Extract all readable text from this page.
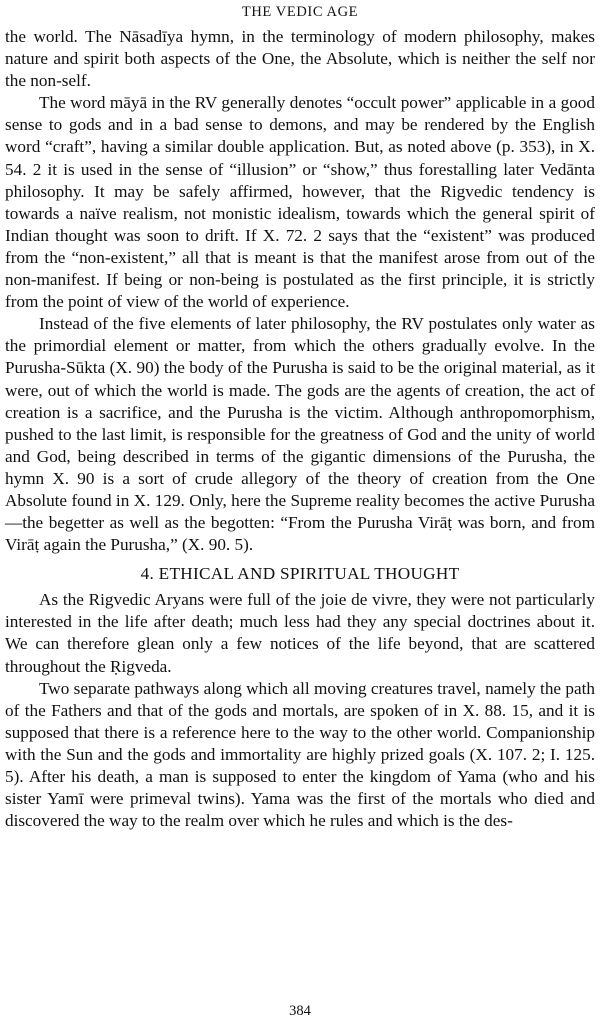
THE VEDIC AGE

the world. The Nāsadīya hymn, in the terminology of modern philosophy, makes nature and spirit both aspects of the One, the Absolute, which is neither the self nor the non-self.

The word māyā in the RV generally denotes “occult power” applicable in a good sense to gods and in a bad sense to demons, and may be rendered by the English word “craft”, having a similar double application. But, as noted above (p. 353), in X. 54. 2 it is used in the sense of “illusion” or “show,” thus forestalling later Vedānta philosophy. It may be safely affirmed, however, that the Rigvedic tendency is towards a naïve realism, not monistic idealism, towards which the general spirit of Indian thought was soon to drift. If X. 72. 2 says that the “existent” was produced from the “non-existent,” all that is meant is that the manifest arose from out of the non-manifest. If being or non-being is postulated as the first principle, it is strictly from the point of view of the world of experience.

Instead of the five elements of later philosophy, the RV postulates only water as the primordial element or matter, from which the others gradually evolve. In the Purusha-Sūkta (X. 90) the body of the Purusha is said to be the original material, as it were, out of which the world is made. The gods are the agents of creation, the act of creation is a sacrifice, and the Purusha is the victim. Although anthropomorphism, pushed to the last limit, is responsible for the greatness of God and the unity of world and God, being described in terms of the gigantic dimensions of the Purusha, the hymn X. 90 is a sort of crude allegory of the theory of creation from the One Absolute found in X. 129. Only, here the Supreme reality becomes the active Purusha—the begetter as well as the begotten: “From the Purusha Virāṭ was born, and from Virāṭ again the Purusha,” (X. 90. 5).

4. ETHICAL AND SPIRITUAL THOUGHT

As the Rigvedic Aryans were full of the joie de vivre, they were not particularly interested in the life after death; much less had they any special doctrines about it. We can therefore glean only a few notices of the life beyond, that are scattered throughout the Ṛigveda.

Two separate pathways along which all moving creatures travel, namely the path of the Fathers and that of the gods and mortals, are spoken of in X. 88. 15, and it is supposed that there is a reference here to the way to the other world. Companionship with the Sun and the gods and immortality are highly prized goals (X. 107. 2; I. 125. 5). After his death, a man is supposed to enter the kingdom of Yama (who and his sister Yamī were primeval twins). Yama was the first of the mortals who died and discovered the way to the realm over which he rules and which is the des-

384
